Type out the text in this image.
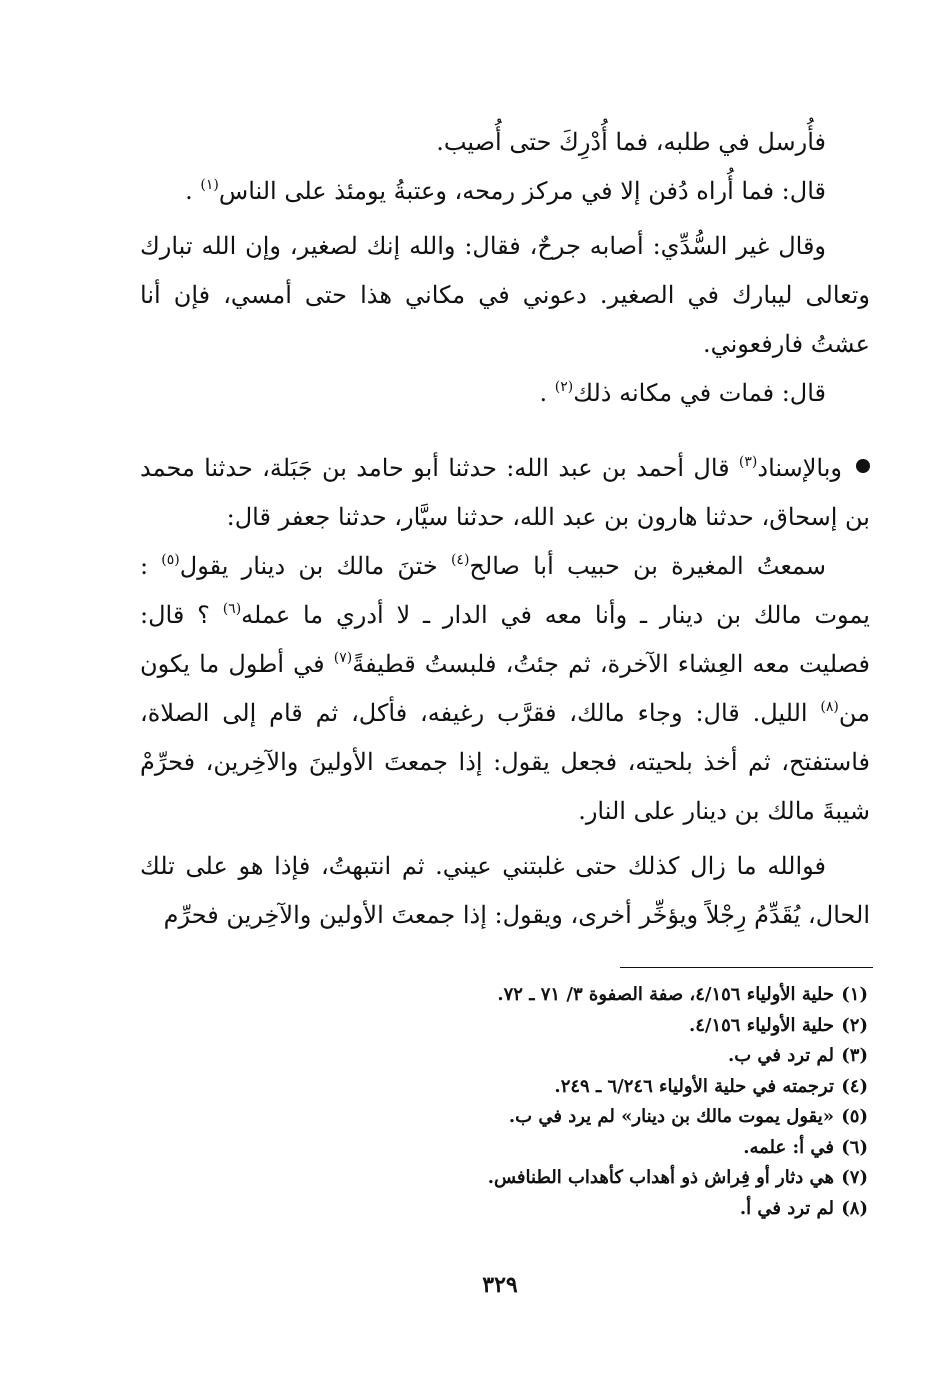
فأُرسل في طلبه، فما أُدْرِكَ حتى أُصيب.

قال: فما أُراه دُفن إلا في مركز رمحه، وعتبةُ يومئذ على الناس$^{(١)}$ .

وقال غير السُّدِّي: أصابه جرحٌ، فقال: والله إنك لصغير، وإن الله تبارك وتعالى ليبارك في الصغير. دعوني في مكاني هذا حتى أمسي، فإن أنا عشتُ فارفعوني.

قال: فمات في مكانه ذلك$^{(٢)}$ .

وبالإسناد$^{(٣)}$ قال أحمد بن عبد الله: حدثنا أبو حامد بن جَبَلة، حدثنا محمد بن إسحاق، حدثنا هارون بن عبد الله، حدثنا سيَّار، حدثنا جعفر قال:

سمعتُ المغيرة بن حبيب أبا صالح$^{(٤)}$ ختنَ مالك بن دينار يقول$^{(٥)}$ : يموت مالك بن دينار ـ وأنا معه في الدار ـ لا أدري ما عمله$^{(٦)}$ ؟ قال: فصليت معه العِشاء الآخرة، ثم جئتُ، فلبستُ قطيفةً$^{(٧)}$ في أطول ما يكون من$^{(٨)}$ الليل. قال: وجاء مالك، فقرَّب رغيفه، فأكل، ثم قام إلى الصلاة، فاستفتح، ثم أخذ بلحيته، فجعل يقول: إذا جمعتَ الأولينَ والآخِرين، فحرِّمْ شيبةَ مالك بن دينار على النار.

فوالله ما زال كذلك حتى غلبتني عيني. ثم انتبهتُ، فإذا هو على تلك الحال، يُقَدِّمُ رِجْلاً ويؤخِّر أخرى، ويقول: إذا جمعتَ الأولين والآخِرين فحرِّم

(١)حلية الأولياء ٤/١٥٦، صفة الصفوة ٣/ ٧١ ـ ٧٢.

(٢)حلية الأولياء ٤/١٥٦.

(٣)لم ترد في ب.

(٤)ترجمته في حلية الأولياء ٦/٢٤٦ ـ ٢٤٩.

(٥)«يقول يموت مالك بن دينار» لم يرد في ب.

(٦)في أ: علمه.

(٧)هي دثار أو فِراش ذو أهداب كأهداب الطنافس.

(٨)لم ترد في أ.

٣٢٩
